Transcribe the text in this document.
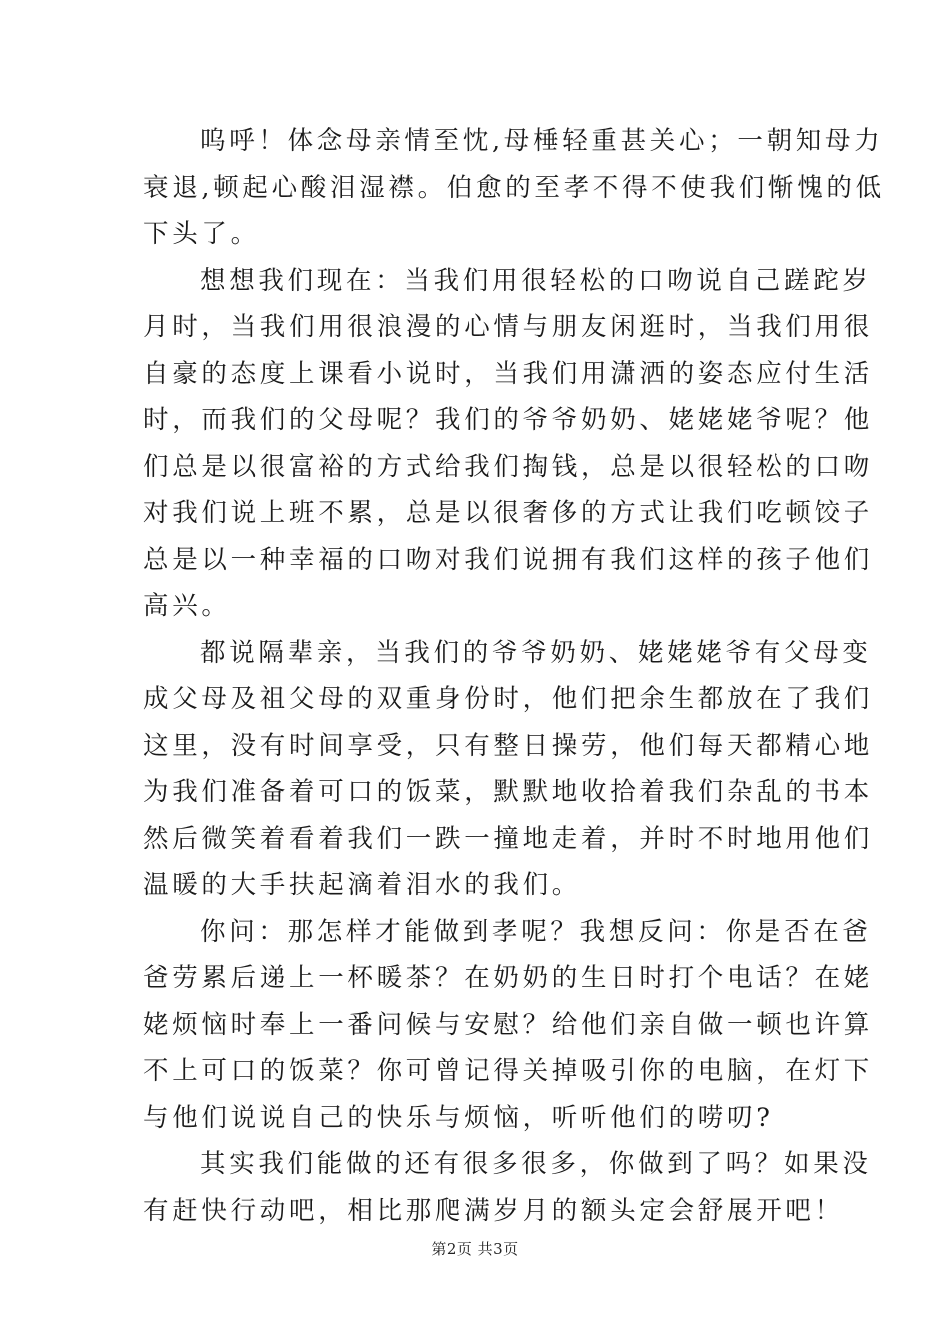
呜呼！体念母亲情至忱,母棰轻重甚关心；一朝知母力
衰退,顿起心酸泪湿襟。伯愈的至孝不得不使我们惭愧的低
下头了。
想想我们现在：当我们用很轻松的口吻说自己蹉跎岁
月时，当我们用很浪漫的心情与朋友闲逛时，当我们用很
自豪的态度上课看小说时，当我们用潇洒的姿态应付生活
时，而我们的父母呢？我们的爷爷奶奶、姥姥姥爷呢？他
们总是以很富裕的方式给我们掏钱，总是以很轻松的口吻
对我们说上班不累，总是以很奢侈的方式让我们吃顿饺子
总是以一种幸福的口吻对我们说拥有我们这样的孩子他们
高兴。
都说隔辈亲，当我们的爷爷奶奶、姥姥姥爷有父母变
成父母及祖父母的双重身份时，他们把余生都放在了我们
这里，没有时间享受，只有整日操劳，他们每天都精心地
为我们准备着可口的饭菜，默默地收拾着我们杂乱的书本
然后微笑着看着我们一跌一撞地走着，并时不时地用他们
温暖的大手扶起滴着泪水的我们。
你问：那怎样才能做到孝呢？我想反问：你是否在爸
爸劳累后递上一杯暖茶？在奶奶的生日时打个电话？在姥
姥烦恼时奉上一番问候与安慰？给他们亲自做一顿也许算
不上可口的饭菜？你可曾记得关掉吸引你的电脑，在灯下
与他们说说自己的快乐与烦恼，听听他们的唠叨?
其实我们能做的还有很多很多，你做到了吗？如果没
有赶快行动吧，相比那爬满岁月的额头定会舒展开吧！
第2页 共3页
